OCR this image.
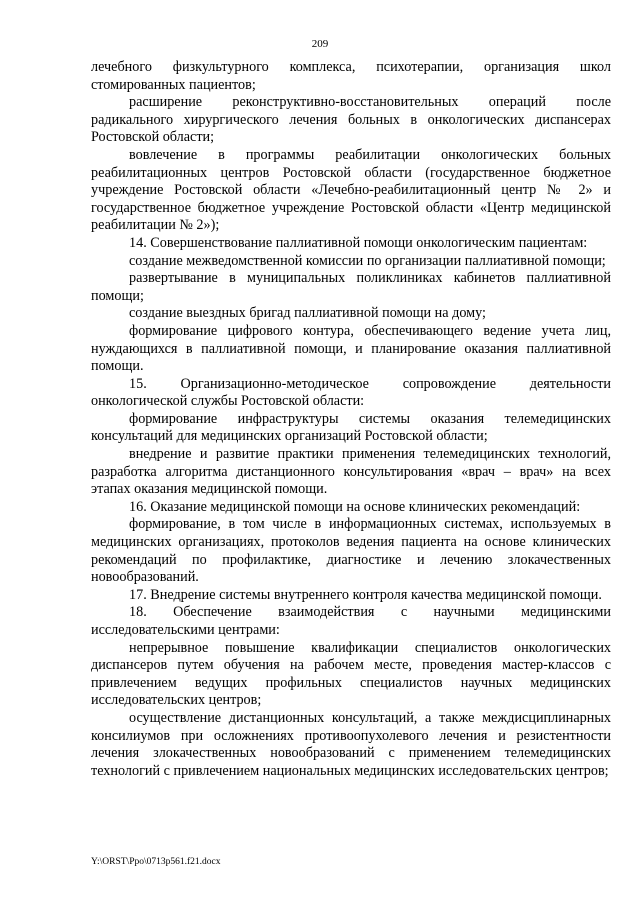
209

лечебного физкультурного комплекса, психотерапии, организация школ стомированных пациентов;

расширение реконструктивно-восстановительных операций после радикального хирургического лечения больных в онкологических диспансерах Ростовской области;

вовлечение в программы реабилитации онкологических больных реабилитационных центров Ростовской области (государственное бюджетное учреждение Ростовской области «Лечебно-реабилитационный центр № 2» и государственное бюджетное учреждение Ростовской области «Центр медицинской реабилитации № 2»);

14. Совершенствование паллиативной помощи онкологическим пациентам:

создание межведомственной комиссии по организации паллиативной помощи;

развертывание в муниципальных поликлиниках кабинетов паллиативной помощи;

создание выездных бригад паллиативной помощи на дому;

формирование цифрового контура, обеспечивающего ведение учета лиц, нуждающихся в паллиативной помощи, и планирование оказания паллиативной помощи.

15. Организационно-методическое сопровождение деятельности онкологической службы Ростовской области:

формирование инфраструктуры системы оказания телемедицинских консультаций для медицинских организаций Ростовской области;

внедрение и развитие практики применения телемедицинских технологий, разработка алгоритма дистанционного консультирования «врач – врач» на всех этапах оказания медицинской помощи.

16. Оказание медицинской помощи на основе клинических рекомендаций:

формирование, в том числе в информационных системах, используемых в медицинских организациях, протоколов ведения пациента на основе клинических рекомендаций по профилактике, диагностике и лечению злокачественных новообразований.

17. Внедрение системы внутреннего контроля качества медицинской помощи.

18. Обеспечение взаимодействия с научными медицинскими исследовательскими центрами:

непрерывное повышение квалификации специалистов онкологических диспансеров путем обучения на рабочем месте, проведения мастер-классов с привлечением ведущих профильных специалистов научных медицинских исследовательских центров;

осуществление дистанционных консультаций, а также междисциплинарных консилиумов при осложнениях противоопухолевого лечения и резистентности лечения злокачественных новообразований с применением телемедицинских технологий с привлечением национальных медицинских исследовательских центров;

Y:\ORST\Ppo\0713p561.f21.docx
